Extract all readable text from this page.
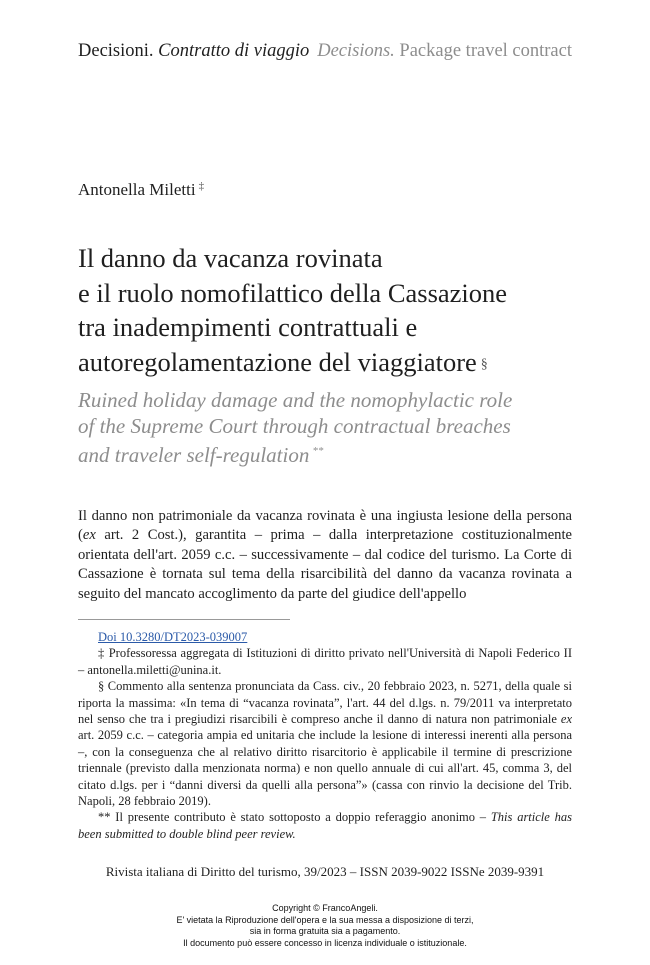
Decisioni. Contratto di viaggio Decisions. Package travel contract
Antonella Miletti ‡
Il danno da vacanza rovinata
e il ruolo nomofilattico della Cassazione
tra inadempimenti contrattuali e
autoregolamentazione del viaggiatore §
Ruined holiday damage and the nomophylactic role
of the Supreme Court through contractual breaches
and traveler self-regulation **

Il danno non patrimoniale da vacanza rovinata è una ingiusta lesione della persona (ex art. 2 Cost.), garantita – prima – dalla interpretazione costituzionalmente orientata dell'art. 2059 c.c. – successivamente – dal codice del turismo. La Corte di Cassazione è tornata sul tema della risarcibilità del danno da vacanza rovinata a seguito del mancato accoglimento da parte del giudice dell'appello

Doi 10.3280/DT2023-039007

‡ Professoressa aggregata di Istituzioni di diritto privato nell'Università di Napoli Federico II – antonella.miletti@unina.it.

§ Commento alla sentenza pronunciata da Cass. civ., 20 febbraio 2023, n. 5271, della quale si riporta la massima: «In tema di “vacanza rovinata”, l'art. 44 del d.lgs. n. 79/2011 va interpretato nel senso che tra i pregiudizi risarcibili è compreso anche il danno di natura non patrimoniale ex art. 2059 c.c. – categoria ampia ed unitaria che include la lesione di interessi inerenti alla persona –, con la conseguenza che al relativo diritto risarcitorio è applicabile il termine di prescrizione triennale (previsto dalla menzionata norma) e non quello annuale di cui all'art. 45, comma 3, del citato d.lgs. per i “danni diversi da quelli alla persona”» (cassa con rinvio la decisione del Trib. Napoli, 28 febbraio 2019).

** Il presente contributo è stato sottoposto a doppio referaggio anonimo – This article has been submitted to double blind peer review.

Rivista italiana di Diritto del turismo, 39/2023 – ISSN 2039-9022 ISSNe 2039-9391
Copyright © FrancoAngeli.
E' vietata la Riproduzione dell'opera e la sua messa a disposizione di terzi,
sia in forma gratuita sia a pagamento.
Il documento può essere concesso in licenza individuale o istituzionale.
